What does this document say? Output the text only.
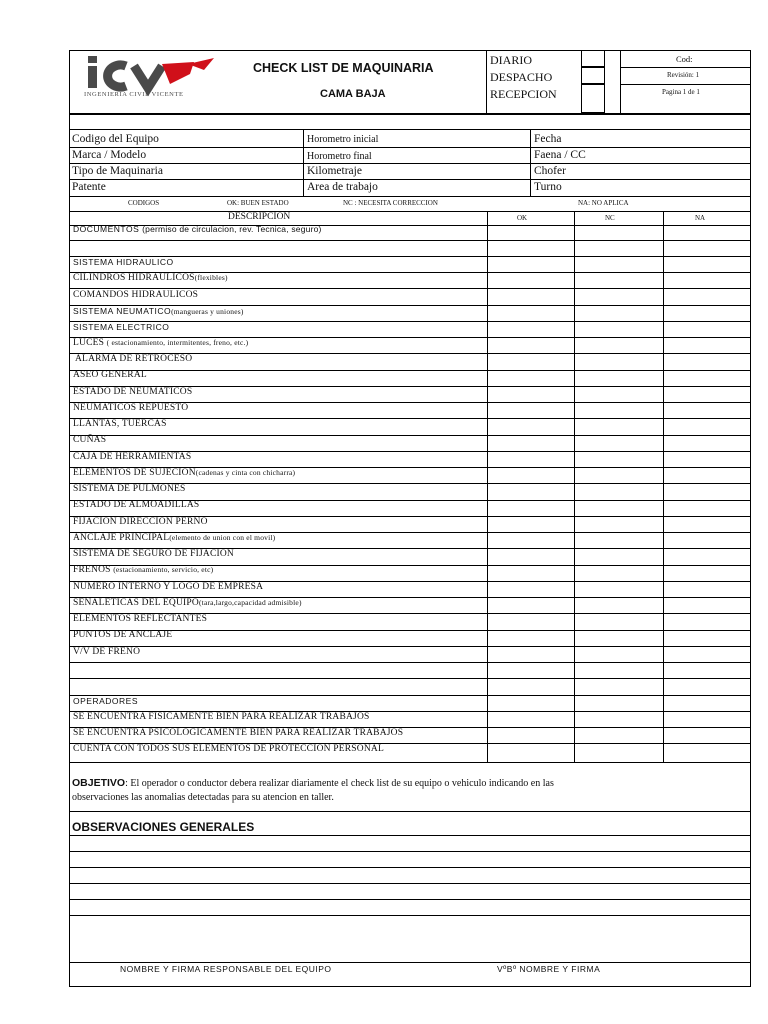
INGENIERÍA CIVIL VICENTE
CHECK LIST DE MAQUINARIA
CAMA BAJA
DIARIO
DESPACHO
RECEPCION
Cod:
Revisión: 1
Pagina 1 de 1
Codigo del Equipo	Horometro inicial	Fecha
Marca / Modelo	Horometro final	Faena / CC
Tipo de Maquinaria	Kilometraje	Chofer
Patente	Area de trabajo	Turno
CODIGOS	OK: BUEN ESTADO	NC : NECESITA CORRECCION	NA: NO APLICA
DESCRIPCION	OK	NC	NA
DOCUMENTOS (permiso de circulacion, rev. Tecnica, seguro)
SISTEMA HIDRAULICO
CILINDROS HIDRAULICOS(flexibles)
COMANDOS HIDRAULICOS
SISTEMA NEUMATICO(mangueras y uniones)
SISTEMA ELECTRICO
LUCES ( estacionamiento, intermitentes, freno, etc.)
ALARMA DE RETROCESO
ASEO GENERAL
ESTADO DE NEUMATICOS
NEUMATICOS REPUESTO
LLANTAS, TUERCAS
CUÑAS
CAJA DE HERRAMIENTAS
ELEMENTOS DE SUJECION(cadenas y cinta con chicharra)
SISTEMA DE PULMONES
ESTADO DE ALMOADILLAS
FIJACION DIRECCION PERNO
ANCLAJE PRINCIPAL(elemento de union con el movil)
SISTEMA DE SEGURO DE FIJACION
FRENOS (estacionamiento, servicio, etc)
NUMERO INTERNO Y LOGO DE EMPRESA
SEÑALETICAS DEL EQUIPO(tara,largo,capacidad admisible)
ELEMENTOS REFLECTANTES
PUNTOS DE ANCLAJE
V/V DE FRENO
OPERADORES
SE ENCUENTRA FISICAMENTE BIEN PARA REALIZAR TRABAJOS
SE ENCUENTRA PSICOLOGICAMENTE BIEN PARA REALIZAR TRABAJOS
CUENTA CON TODOS SUS ELEMENTOS DE PROTECCION PERSONAL
OBJETIVO: El operador o conductor debera realizar diariamente el check list de su equipo o vehiculo indicando en las
observaciones las anomalias detectadas para su atencion en taller.
OBSERVACIONES GENERALES
NOMBRE Y FIRMA RESPONSABLE DEL EQUIPO	VºBº NOMBRE Y FIRMA
